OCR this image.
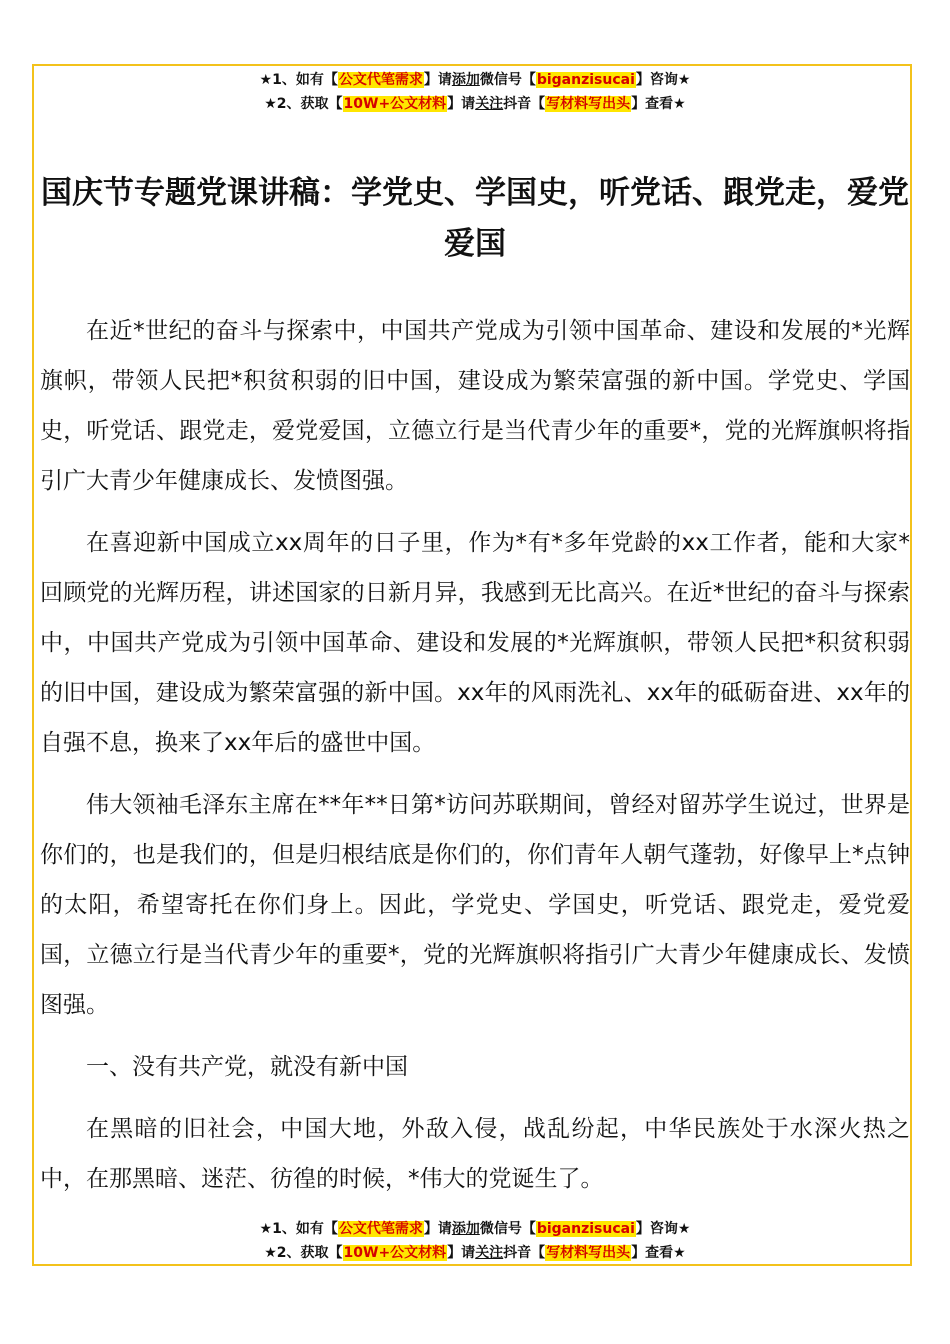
★1、如有【公文代笔需求】请添加微信号【biganzisucai】咨询★
★2、获取【10W+公文材料】请关注抖音【写材料写出头】查看★
国庆节专题党课讲稿：学党史、学国史，听党话、跟党走，爱党爱国

在近*世纪的奋斗与探索中，中国共产党成为引领中国革命、建设和发展的*光辉旗帜，带领人民把*积贫积弱的旧中国，建设成为繁荣富强的新中国。学党史、学国史，听党话、跟党走，爱党爱国，立德立行是当代青少年的重要*，党的光辉旗帜将指引广大青少年健康成长、发愤图强。

在喜迎新中国成立xx周年的日子里，作为*有*多年党龄的xx工作者，能和大家*回顾党的光辉历程，讲述国家的日新月异，我感到无比高兴。在近*世纪的奋斗与探索中，中国共产党成为引领中国革命、建设和发展的*光辉旗帜，带领人民把*积贫积弱的旧中国，建设成为繁荣富强的新中国。xx年的风雨洗礼、xx年的砥砺奋进、xx年的自强不息，换来了xx年后的盛世中国。

伟大领袖毛泽东主席在**年**日第*访问苏联期间，曾经对留苏学生说过，世界是你们的，也是我们的，但是归根结底是你们的，你们青年人朝气蓬勃，好像早上*点钟的太阳，希望寄托在你们身上。因此，学党史、学国史，听党话、跟党走，爱党爱国，立德立行是当代青少年的重要*，党的光辉旗帜将指引广大青少年健康成长、发愤图强。

一、没有共产党，就没有新中国

在黑暗的旧社会，中国大地，外敌入侵，战乱纷起，中华民族处于水深火热之中，在那黑暗、迷茫、彷徨的时候，*伟大的党诞生了。

★1、如有【公文代笔需求】请添加微信号【biganzisucai】咨询★
★2、获取【10W+公文材料】请关注抖音【写材料写出头】查看★
